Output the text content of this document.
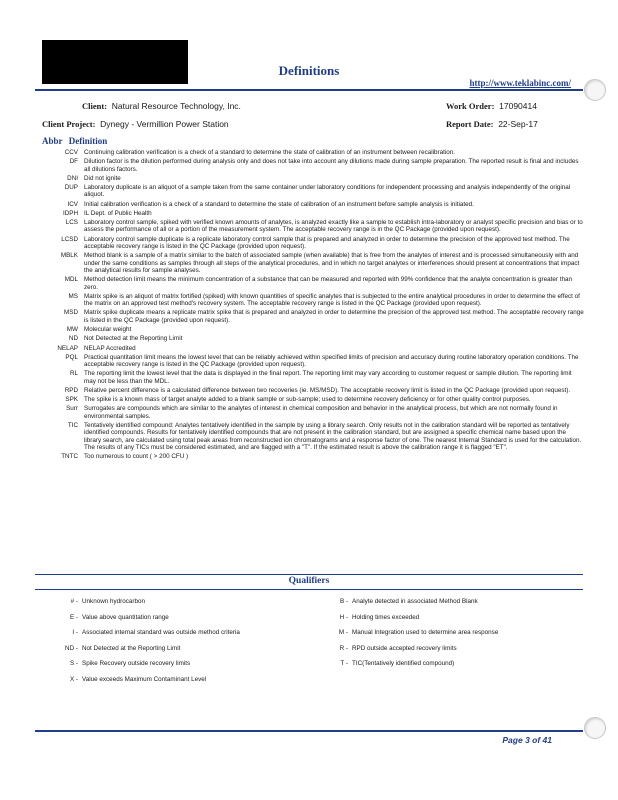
Definitions
http://www.teklabinc.com/
Client: Natural Resource Technology, Inc.
Client Project: Dynegy - Vermillion Power Station
Work Order: 17090414
Report Date: 22-Sep-17
Abbr Definition
CCV Continuing calibration verification is a check of a standard to determine the state of calibration of an instrument between recalibration.
DF Dilution factor is the dilution performed during analysis only and does not take into account any dilutions made during sample preparation. The reported result is final and includes all dilutions factors.
DNI Did not ignite
DUP Laboratory duplicate is an aliquot of a sample taken from the same container under laboratory conditions for independent processing and analysis independently of the original aliquot.
ICV Initial calibration verification is a check of a standard to determine the state of calibration of an instrument before sample analysis is initiated.
IDPH IL Dept. of Public Health
LCS Laboratory control sample, spiked with verified known amounts of analytes, is analyzed exactly like a sample to establish intra-laboratory or analyst specific precision and bias or to assess the performance of all or a portion of the measurement system. The acceptable recovery range is in the QC Package (provided upon request).
LCSD Laboratory control sample duplicate is a replicate laboratory control sample that is prepared and analyzed in order to determine the precision of the approved test method. The acceptable recovery range is listed in the QC Package (provided upon request).
MBLK Method blank is a sample of a matrix similar to the batch of associated sample (when available) that is free from the analytes of interest and is processed simultaneously with and under the same conditions as samples through all steps of the analytical procedures, and in which no target analytes or interferences should present at concentrations that impact the analytical results for sample analyses.
MDL Method detection limit means the minimum concentration of a substance that can be measured and reported with 99% confidence that the analyte concentration is greater than zero.
MS Matrix spike is an aliquot of matrix fortified (spiked) with known quantities of specific analytes that is subjected to the entire analytical procedures in order to determine the effect of the matrix on an approved test method's recovery system. The acceptable recovery range is listed in the QC Package (provided upon request).
MSD Matrix spike duplicate means a replicate matrix spike that is prepared and analyzed in order to determine the precision of the approved test method. The acceptable recovery range is listed in the QC Package (provided upon request).
MW Molecular weight
ND Not Detected at the Reporting Limit
NELAP NELAP Accredited
PQL Practical quantitation limit means the lowest level that can be reliably achieved within specified limits of precision and accuracy during routine laboratory operation conditions. The acceptable recovery range is listed in the QC Package (provided upon request).
RL The reporting limit the lowest level that the data is displayed in the final report. The reporting limit may vary according to customer request or sample dilution. The reporting limit may not be less than the MDL.
RPD Relative percent difference is a calculated difference between two recoveries (ie. MS/MSD). The acceptable recovery limit is listed in the QC Package (provided upon request).
SPK The spike is a known mass of target analyte added to a blank sample or sub-sample; used to determine recovery deficiency or for other quality control purposes.
Surr Surrogates are compounds which are similar to the analytes of interest in chemical composition and behavior in the analytical process, but which are not normally found in environmental samples.
TIC Tentatively identified compound: Analytes tentatively identified in the sample by using a library search. Only results not in the calibration standard will be reported as tentatively identified compounds. Results for tentatively identified compounds that are not present in the calibration standard, but are assigned a specific chemical name based upon the library search, are calculated using total peak areas from reconstructed ion chromatograms and a response factor of one. The nearest Internal Standard is used for the calculation. The results of any TICs must be considered estimated, and are flagged with a "T". If the estimated result is above the calibration range it is flagged "ET".
TNTC Too numerous to count ( > 200 CFU )
Qualifiers
# - Unknown hydrocarbon
E - Value above quantitation range
I - Associated internal standard was outside method criteria
ND - Not Detected at the Reporting Limit
S - Spike Recovery outside recovery limits
X - Value exceeds Maximum Contaminant Level
B - Analyte detected in associated Method Blank
H - Holding times exceeded
M - Manual Integration used to determine area response
R - RPD outside accepted recovery limits
T - TIC(Tentatively identified compound)
Page 3 of 41
